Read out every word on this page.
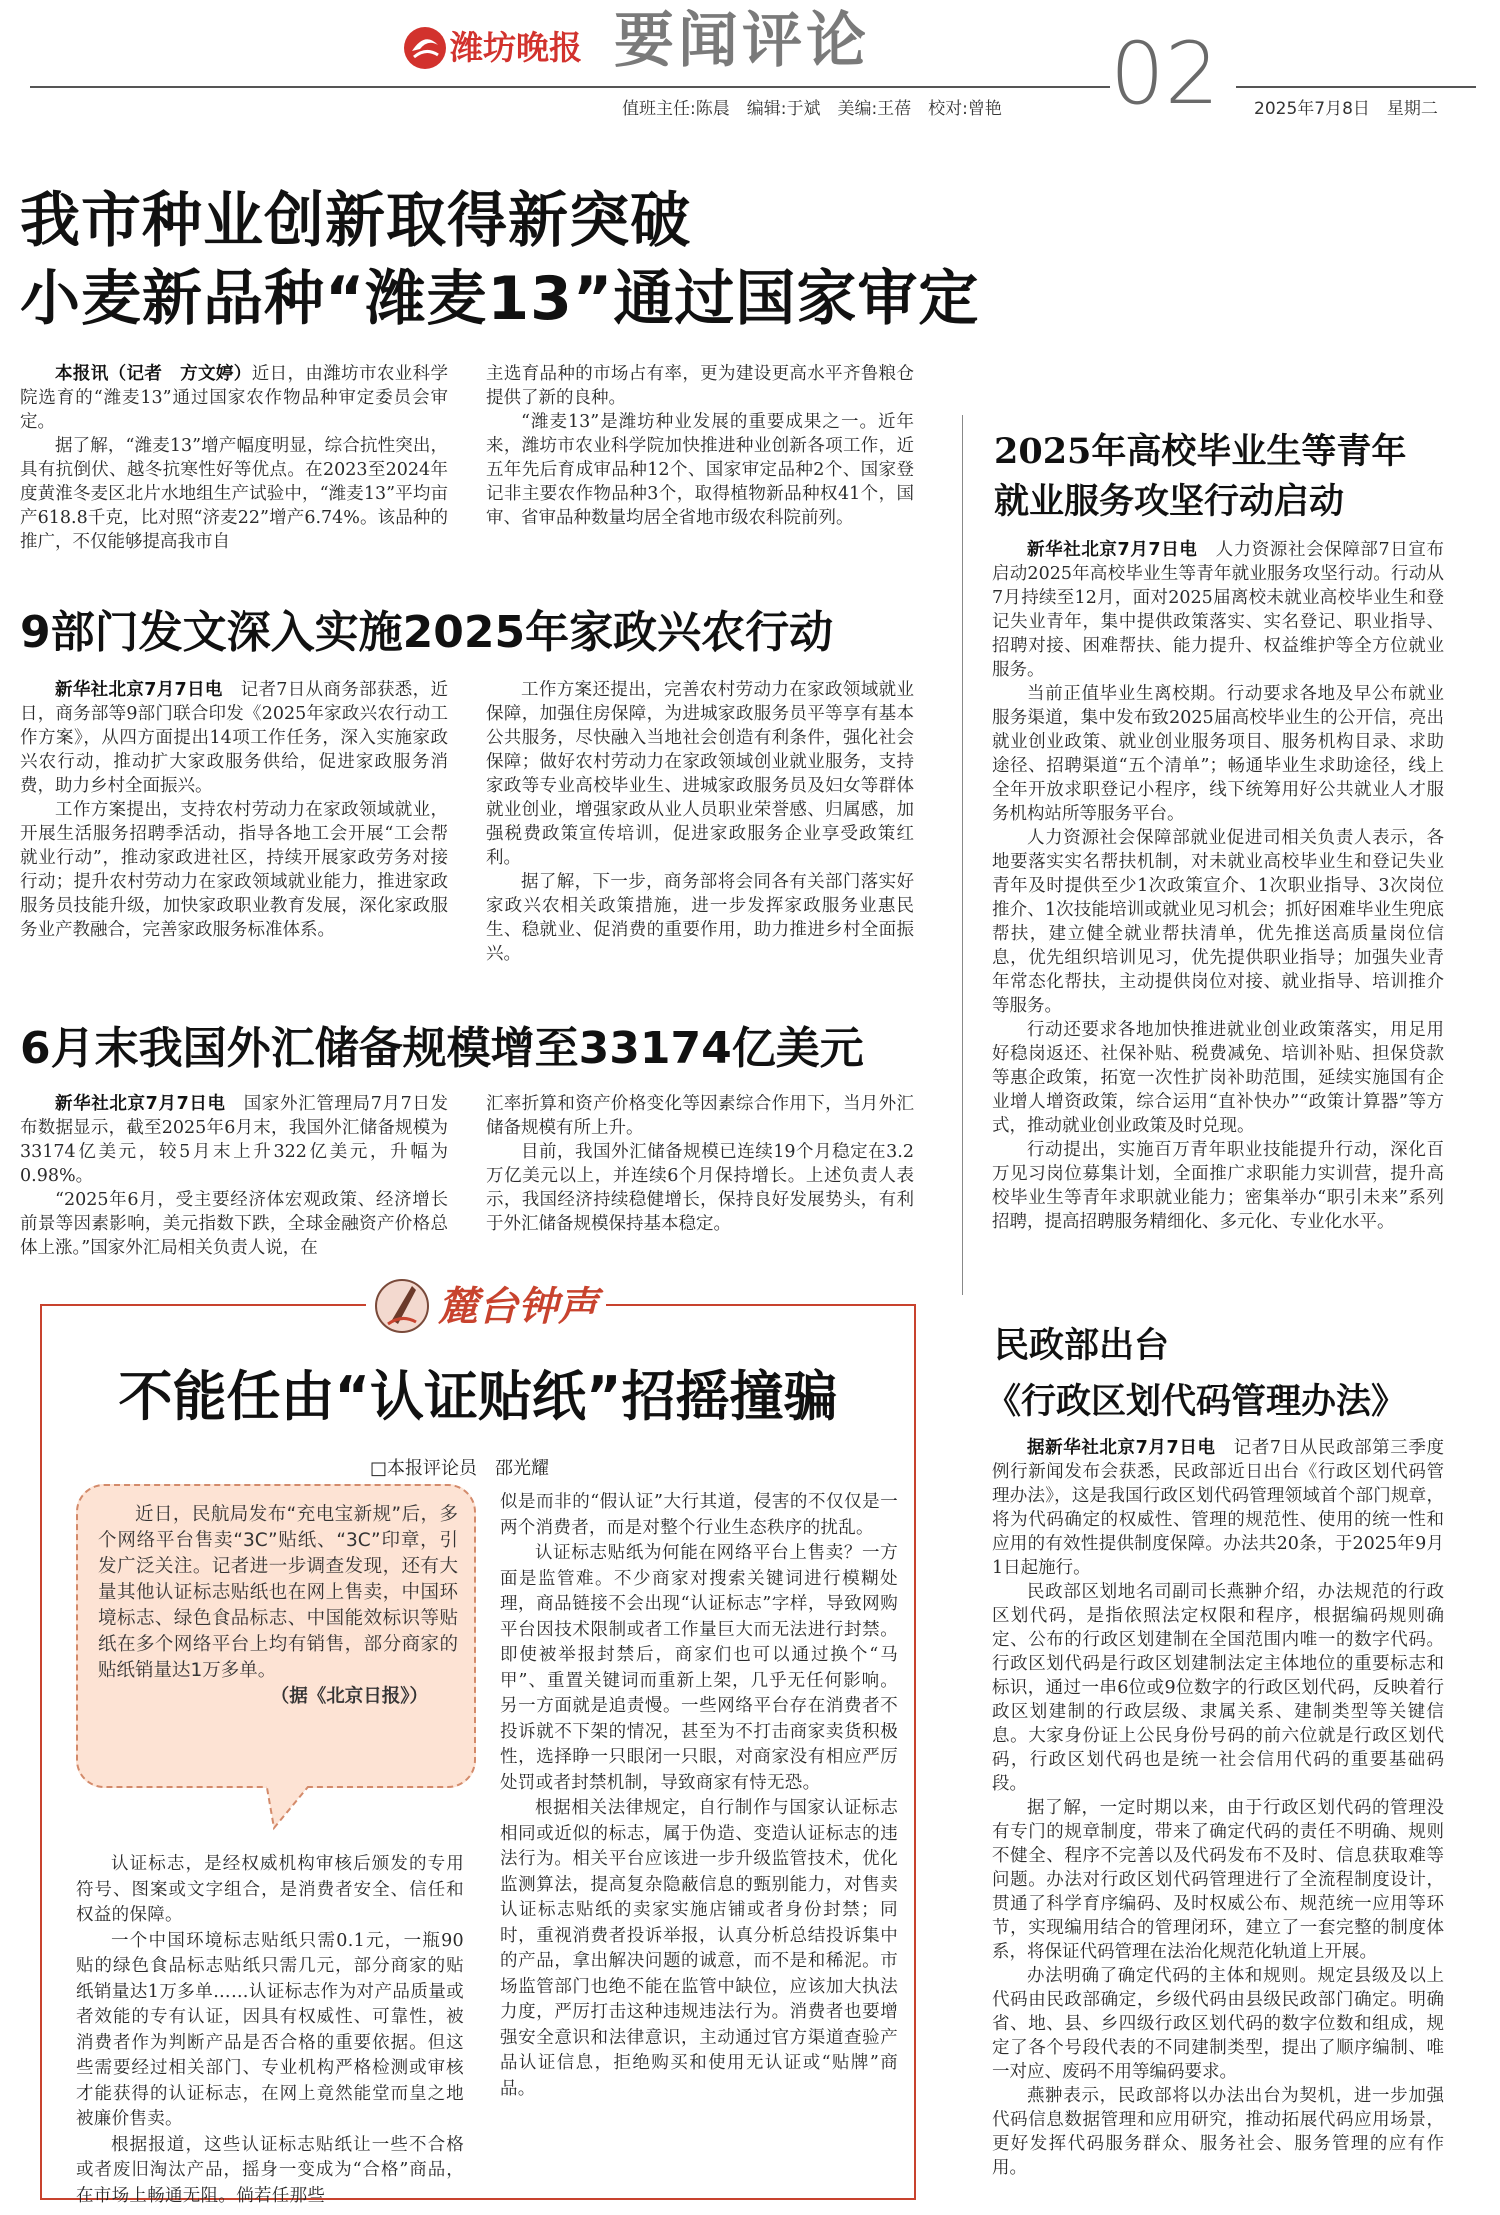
潍坊晚报 要闻评论	02
值班主任:陈晨　编辑:于斌　美编:王蓓　校对:曾艳	2025年7月8日　 星期二
我市种业创新取得新突破
小麦新品种“潍麦13”通过国家审定

本报讯（记者　方文婷）近日，由潍坊市农业科学院选育的“潍麦13”通过国家农作物品种审定委员会审定。

据了解，“潍麦13”增产幅度明显，综合抗性突出，具有抗倒伏、越冬抗寒性好等优点。在2023至2024年度黄淮冬麦区北片水地组生产试验中，“潍麦13”平均亩产618.8千克，比对照“济麦22”增产6.74%。该品种的推广，不仅能够提高我市自

主选育品种的市场占有率，更为建设更高水平齐鲁粮仓提供了新的良种。

“潍麦13”是潍坊种业发展的重要成果之一。近年来，潍坊市农业科学院加快推进种业创新各项工作，近五年先后育成审品种12个、国家审定品种2个、国家登记非主要农作物品种3个，取得植物新品种权41个，国审、省审品种数量均居全省地市级农科院前列。

9部门发文深入实施2025年家政兴农行动

新华社北京7月7日电　 记者7日从商务部获悉，近日，商务部等9部门联合印发《2025年家政兴农行动工作方案》，从四方面提出14项工作任务，深入实施家政兴农行动，推动扩大家政服务供给，促进家政服务消费，助力乡村全面振兴。

工作方案提出，支持农村劳动力在家政领域就业，开展生活服务招聘季活动，指导各地工会开展“工会帮就业行动”，推动家政进社区，持续开展家政劳务对接行动；提升农村劳动力在家政领域就业能力，推进家政服务员技能升级，加快家政职业教育发展，深化家政服务业产教融合，完善家政服务标准体系。

工作方案还提出，完善农村劳动力在家政领域就业保障，加强住房保障，为进城家政服务员平等享有基本公共服务，尽快融入当地社会创造有利条件，强化社会保障；做好农村劳动力在家政领域创业就业服务，支持家政等专业高校毕业生、进城家政服务员及妇女等群体就业创业，增强家政从业人员职业荣誉感、归属感，加强税费政策宣传培训，促进家政服务企业享受政策红利。

据了解，下一步，商务部将会同各有关部门落实好家政兴农相关政策措施，进一步发挥家政服务业惠民生、稳就业、促消费的重要作用，助力推进乡村全面振兴。

6月末我国外汇储备规模增至33174亿美元

新华社北京7月7日电　 国家外汇管理局7月7日发布数据显示，截至2025年6月末，我国外汇储备规模为33174亿美元，较5月末上升322亿美元，升幅为0.98%。

“2025年6月，受主要经济体宏观政策、经济增长前景等因素影响，美元指数下跌，全球金融资产价格总体上涨。”国家外汇局相关负责人说，在

汇率折算和资产价格变化等因素综合作用下，当月外汇储备规模有所上升。

目前，我国外汇储备规模已连续19个月稳定在3.2万亿美元以上，并连续6个月保持增长。上述负责人表示，我国经济持续稳健增长，保持良好发展势头，有利于外汇储备规模保持基本稳定。

2025年高校毕业生等青年
就业服务攻坚行动启动

新华社北京7月7日电　 人力资源社会保障部7日宣布启动2025年高校毕业生等青年就业服务攻坚行动。行动从7月持续至12月，面对2025届离校未就业高校毕业生和登记失业青年，集中提供政策落实、实名登记、职业指导、招聘对接、困难帮扶、能力提升、权益维护等全方位就业服务。

当前正值毕业生离校期。行动要求各地及早公布就业服务渠道，集中发布致2025届高校毕业生的公开信，亮出就业创业政策、就业创业服务项目、服务机构目录、求助途径、招聘渠道“五个清单”；畅通毕业生求助途径，线上全年开放求职登记小程序，线下统筹用好公共就业人才服务机构站所等服务平台。

人力资源社会保障部就业促进司相关负责人表示，各地要落实实名帮扶机制，对未就业高校毕业生和登记失业青年及时提供至少1次政策宣介、1次职业指导、3次岗位推介、1次技能培训或就业见习机会；抓好困难毕业生兜底帮扶，建立健全就业帮扶清单，优先推送高质量岗位信息，优先组织培训见习，优先提供职业指导；加强失业青年常态化帮扶，主动提供岗位对接、就业指导、培训推介等服务。

行动还要求各地加快推进就业创业政策落实，用足用好稳岗返还、社保补贴、税费减免、培训补贴、担保贷款等惠企政策，拓宽一次性扩岗补助范围，延续实施国有企业增人增资政策，综合运用“直补快办”“政策计算器”等方式，推动就业创业政策及时兑现。

行动提出，实施百万青年职业技能提升行动，深化百万见习岗位募集计划，全面推广求职能力实训营，提升高校毕业生等青年求职就业能力；密集举办“职引未来”系列招聘，提高招聘服务精细化、多元化、专业化水平。

民政部出台
《行政区划代码管理办法》

据新华社北京7月7日电　 记者7日从民政部第三季度例行新闻发布会获悉，民政部近日出台《行政区划代码管理办法》，这是我国行政区划代码管理领域首个部门规章，将为代码确定的权威性、管理的规范性、使用的统一性和应用的有效性提供制度保障。办法共20条，于2025年9月1日起施行。

民政部区划地名司副司长燕翀介绍，办法规范的行政区划代码，是指依照法定权限和程序，根据编码规则确定、公布的行政区划建制在全国范围内唯一的数字代码。行政区划代码是行政区划建制法定主体地位的重要标志和标识，通过一串6位或9位数字的行政区划代码，反映着行政区划建制的行政层级、隶属关系、建制类型等关键信息。大家身份证上公民身份号码的前六位就是行政区划代码，行政区划代码也是统一社会信用代码的重要基础码段。

据了解，一定时期以来，由于行政区划代码的管理没有专门的规章制度，带来了确定代码的责任不明确、规则不健全、程序不完善以及代码发布不及时、信息获取难等问题。办法对行政区划代码管理进行了全流程制度设计，贯通了科学育序编码、及时权威公布、规范统一应用等环节，实现编用结合的管理闭环，建立了一套完整的制度体系，将保证代码管理在法治化规范化轨道上开展。

办法明确了确定代码的主体和规则。规定县级及以上代码由民政部确定，乡级代码由县级民政部门确定。明确省、地、县、乡四级行政区划代码的数字位数和组成，规定了各个号段代表的不同建制类型，提出了顺序编制、唯一对应、废码不用等编码要求。

燕翀表示，民政部将以办法出台为契机，进一步加强代码信息数据管理和应用研究，推动拓展代码应用场景，更好发挥代码服务群众、服务社会、服务管理的应有作用。

麓台钟声
不能任由“认证贴纸”招摇撞骗
□本报评论员　邵光耀

近日，民航局发布“充电宝新规”后，多个网络平台售卖“3C”贴纸、“3C”印章，引发广泛关注。记者进一步调查发现，还有大量其他认证标志贴纸也在网上售卖，中国环境标志、绿色食品标志、中国能效标识等贴纸在多个网络平台上均有销售，部分商家的贴纸销量达1万多单。

（据《北京日报》）

认证标志，是经权威机构审核后颁发的专用符号、图案或文字组合，是消费者安全、信任和权益的保障。

一个中国环境标志贴纸只需0.1元，一瓶90贴的绿色食品标志贴纸只需几元，部分商家的贴纸销量达1万多单……认证标志作为对产品质量或者效能的专有认证，因具有权威性、可靠性，被消费者作为判断产品是否合格的重要依据。但这些需要经过相关部门、专业机构严格检测或审核才能获得的认证标志，在网上竟然能堂而皇之地被廉价售卖。

根据报道，这些认证标志贴纸让一些不合格或者废旧淘汰产品，摇身一变成为“合格”商品，在市场上畅通无阻。倘若任那些

似是而非的“假认证”大行其道，侵害的不仅仅是一两个消费者，而是对整个行业生态秩序的扰乱。

认证标志贴纸为何能在网络平台上售卖？一方面是监管难。不少商家对搜索关键词进行模糊处理，商品链接不会出现“认证标志”字样，导致网购平台因技术限制或者工作量巨大而无法进行封禁。即使被举报封禁后，商家们也可以通过换个“马甲”、重置关键词而重新上架，几乎无任何影响。另一方面就是追责慢。一些网络平台存在消费者不投诉就不下架的情况，甚至为不打击商家卖货积极性，选择睁一只眼闭一只眼，对商家没有相应严厉处罚或者封禁机制，导致商家有恃无恐。

根据相关法律规定，自行制作与国家认证标志相同或近似的标志，属于伪造、变造认证标志的违法行为。相关平台应该进一步升级监管技术，优化监测算法，提高复杂隐蔽信息的甄别能力，对售卖认证标志贴纸的卖家实施店铺或者身份封禁；同时，重视消费者投诉举报，认真分析总结投诉集中的产品，拿出解决问题的诚意，而不是和稀泥。市场监管部门也绝不能在监管中缺位，应该加大执法力度，严厉打击这种违规违法行为。消费者也要增强安全意识和法律意识，主动通过官方渠道查验产品认证信息，拒绝购买和使用无认证或“贴牌”商品。
